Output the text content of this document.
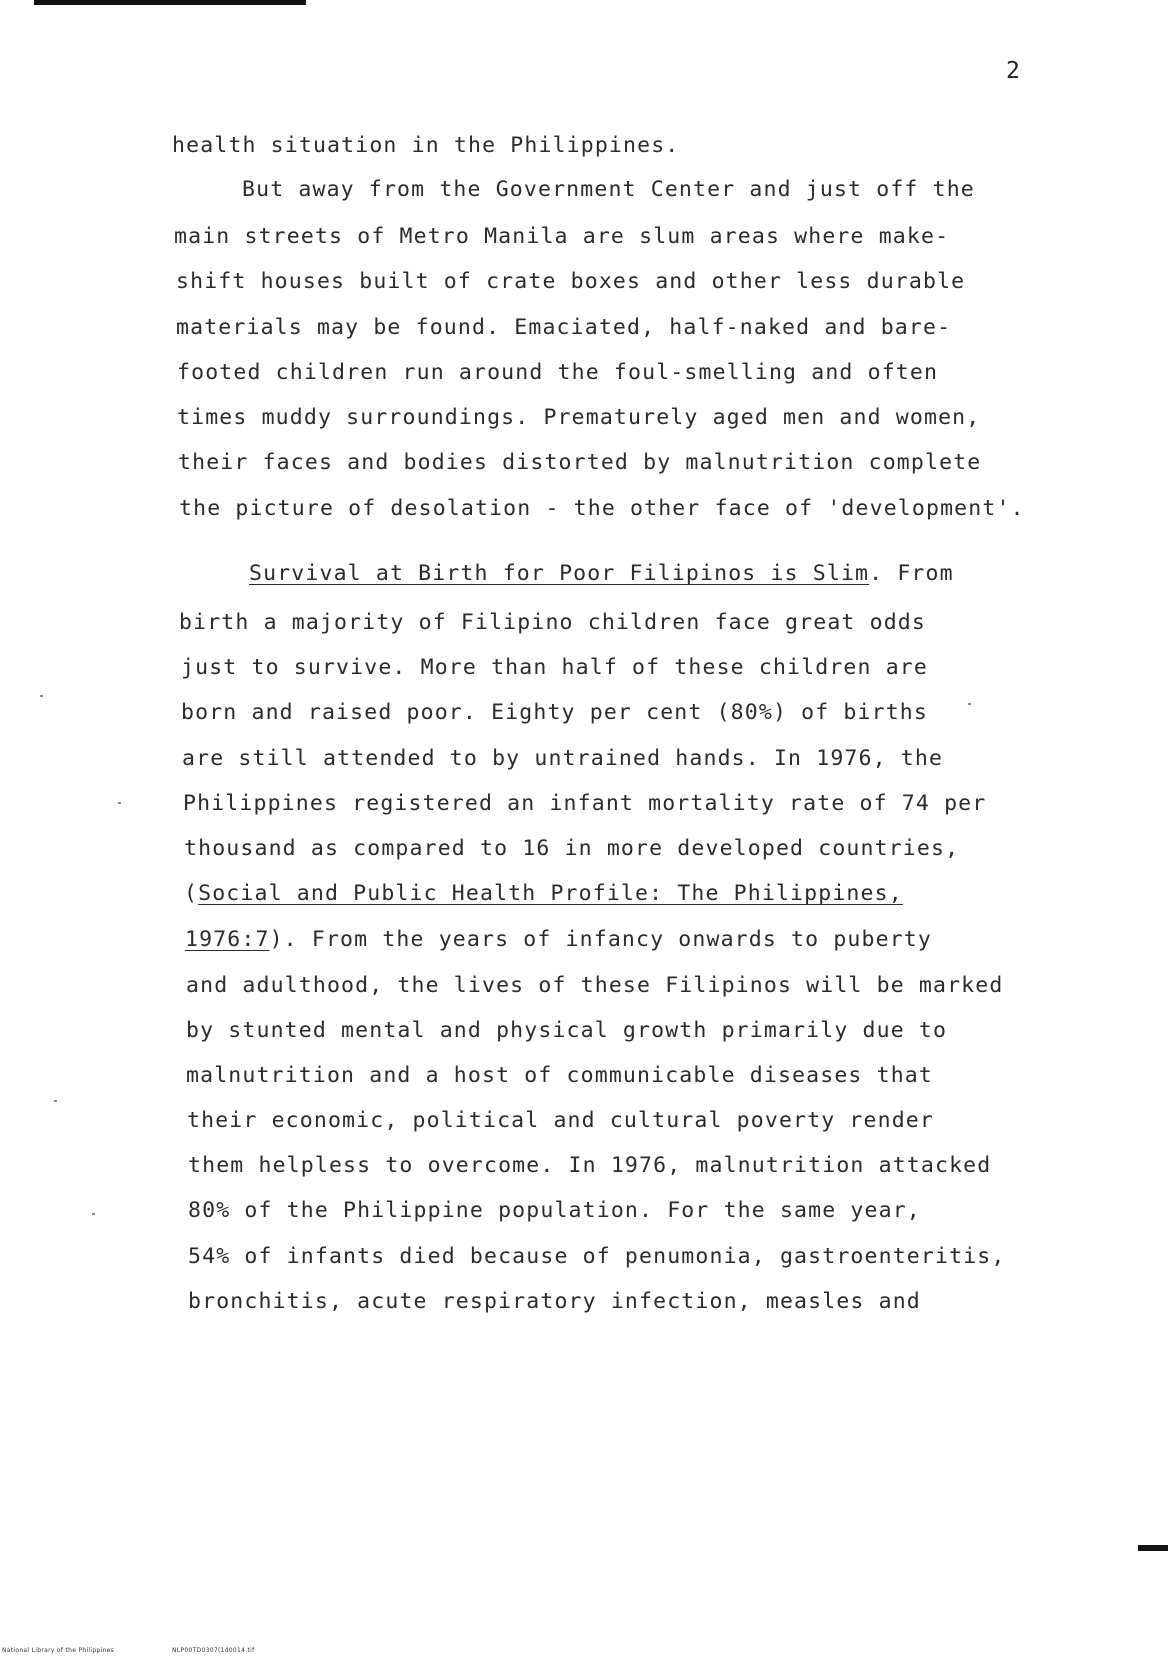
2
health situation in the Philippines.
But away from the Government Center and just off the
main streets of Metro Manila are slum areas where make-
shift houses built of crate boxes and other less durable
materials may be found. Emaciated, half-naked and bare-
footed children run around the foul-smelling and often
times muddy surroundings. Prematurely aged men and women,
their faces and bodies distorted by malnutrition complete
the picture of desolation - the other face of 'development'.
Survival at Birth for Poor Filipinos is Slim. From
birth a majority of Filipino children face great odds
just to survive. More than half of these children are
born and raised poor. Eighty per cent (80%) of births
are still attended to by untrained hands. In 1976, the
Philippines registered an infant mortality rate of 74 per
thousand as compared to 16 in more developed countries,
(Social and Public Health Profile: The Philippines,
1976:7). From the years of infancy onwards to puberty
and adulthood, the lives of these Filipinos will be marked
by stunted mental and physical growth primarily due to
malnutrition and a host of communicable diseases that
their economic, political and cultural poverty render
them helpless to overcome. In 1976, malnutrition attacked
80% of the Philippine population. For the same year,
54% of infants died because of penumonia, gastroenteritis,
bronchitis, acute respiratory infection, measles and
National Library of the Philippines	NLP00TD0307(1d0014.tif
